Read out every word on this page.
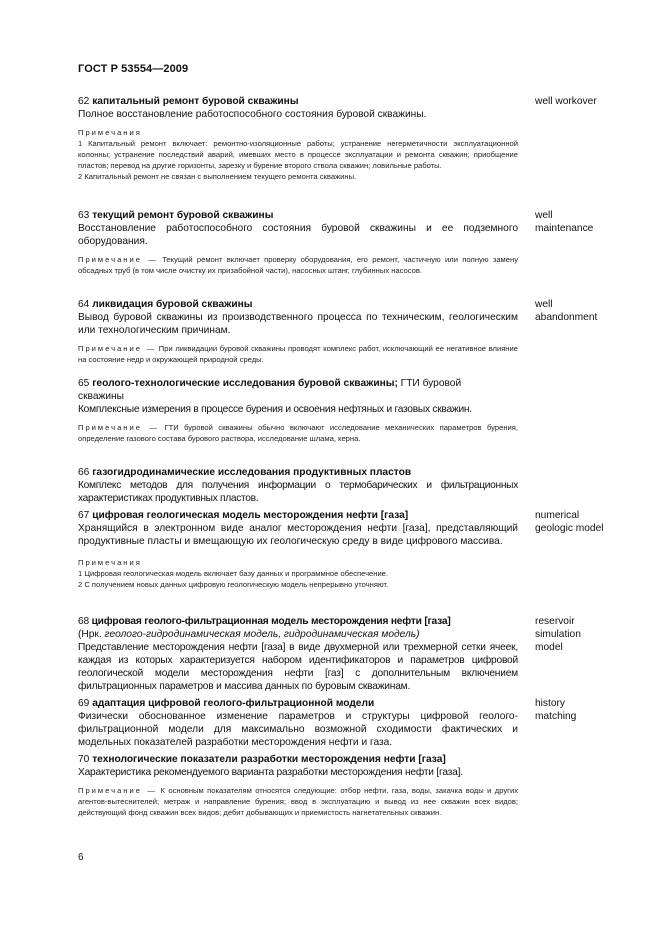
ГОСТ Р 53554—2009
62 капитальный ремонт буровой скважины

Полное восстановление работоспособного состояния буровой скважины.

Примечания

1 Капитальный ремонт включает: ремонтно-изоляционные работы; устранение негерметичности эксплуатационной колонны; устранение последствий аварий, имевших место в процессе эксплуатации и ремонта скважин; приобщение пластов; перевод на другие горизонты, зарезку и бурение второго ствола скважин; ловильные работы.

2 Капитальный ремонт не связан с выполнением текущего ремонта скважины.

well workover
63 текущий ремонт буровой скважины

Восстановление работоспособного состояния буровой скважины и ее подземного оборудования.

Примечание — Текущий ремонт включает проверку оборудования, его ремонт, частичную или полную замену обсадных труб (в том числе очистку их призабойной части), насосных штанг, глубинных насосов.

well
maintenance
64 ликвидация буровой скважины

Вывод буровой скважины из производственного процесса по техническим, геологическим или технологическим причинам.

Примечание — При ликвидации буровой скважины проводят комплекс работ, исключающий ее негативное влияние на состояние недр и окружающей природной среды.

well
abandonment
65 геолого-технологические исследования буровой скважины; ГТИ буровой
скважины

Комплексные измерения в процессе бурения и освоения нефтяных и газовых скважин.

Примечание — ГТИ буровой скважины обычно включают исследование механических параметров бурения, определение газового состава бурового раствора, исследование шлама, керна.

66 газогидродинамические исследования продуктивных пластов

Комплекс методов для получения информации о термобарических и фильтрационных характеристиках продуктивных пластов.

67 цифровая геологическая модель месторождения нефти [газа]

Хранящийся в электронном виде аналог месторождения нефти [газа], представляющий продуктивные пласты и вмещающую их геологическую среду в виде цифрового массива.

Примечания

1 Цифровая геологическая модель включает базу данных и программное обеспечение.

2 С получением новых данных цифровую геологическую модель непрерывно уточняют.

numerical
geologic model
68 цифровая геолого-фильтрационная модель месторождения нефти [газа]
(Нрк. геолого-гидродинамическая модель, гидродинамическая модель)

Представление месторождения нефти [газа] в виде двухмерной или трехмерной сетки ячеек, каждая из которых характеризуется набором идентификаторов и параметров цифровой геологической модели месторождения нефти [газ] с дополнительным включением фильтрационных параметров и массива данных по буровым скважинам.

reservoir
simulation
model
69 адаптация цифровой геолого-фильтрационной модели

Физически обоснованное изменение параметров и структуры цифровой геолого-фильтрационной модели для максимально возможной сходимости фактических и модельных показателей разработки месторождения нефти и газа.

history
matching
70 технологические показатели разработки месторождения нефти [газа]

Характеристика рекомендуемого варианта разработки месторождения нефти [газа].

Примечание — К основным показателям относятся следующие: отбор нефти, газа, воды, закачка воды и других агентов-вытеснителей; метраж и направление бурения; ввод в эксплуатацию и вывод из нее скважин всех видов; действующий фонд скважин всех видов; дебит добывающих и приемистость нагнетательных скважин.

6
